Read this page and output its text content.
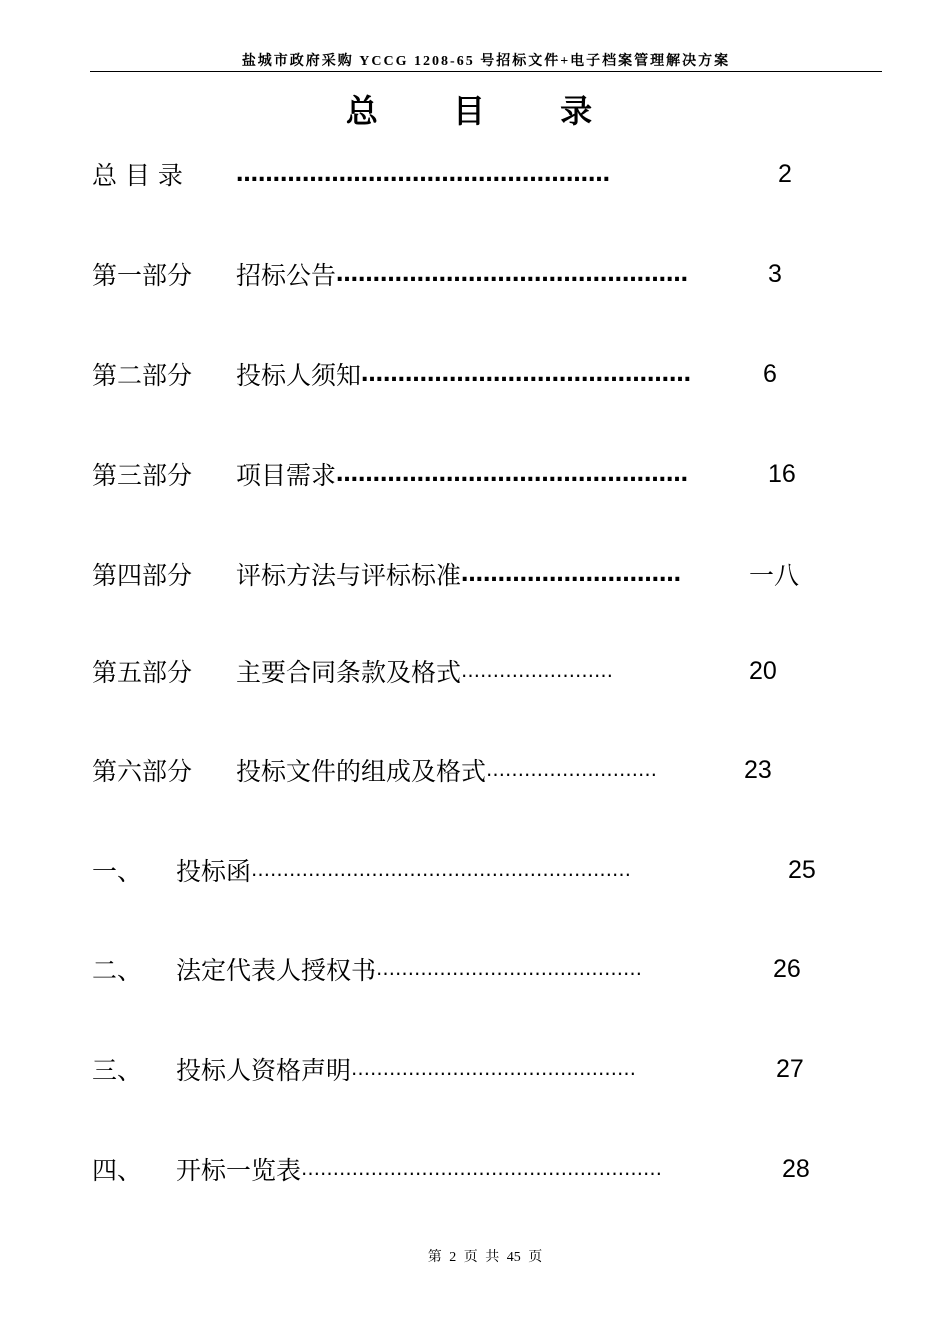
盐城市政府采购 YCCG 1208-65 号招标文件+电子档案管理解决方案
总 目 录
总 目 录	……………………………………………	2
第一部分	招标公告 …………………………………………	3
第二部分	投标人须知 ………………………………………	6
第三部分	项目需求 …………………………………………	16
第四部分	评标方法与评标标准 …………………………	一八
第五部分	主要合同条款及格式 ……………………	20
第六部分	投标文件的组成及格式 ………………………	23
一、	投标函 ……………………………………………………	25
二、	法定代表人授权书 ……………………………………	26
三、	投标人资格声明 ………………………………………	27
四、	开标一览表 …………………………………………………	28
第 2 页 共 45 页
